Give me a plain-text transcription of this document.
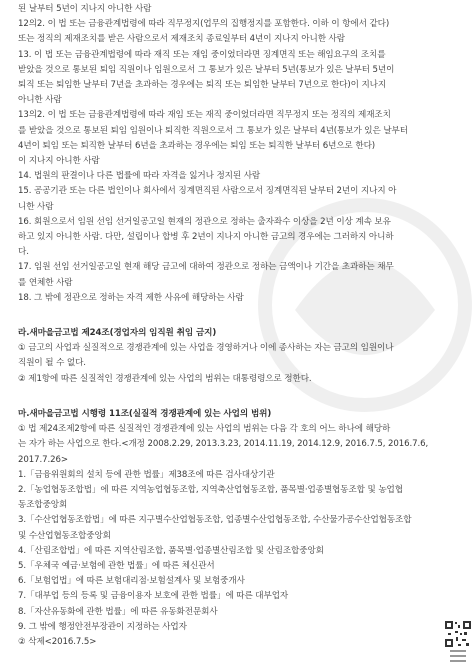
된 날부터 5년이 지나지 아니한 사람

12의2. 이 법 또는 금융관계법령에 따라 직무정지(업무의 집행정지를 포함한다. 이하 이 항에서 같다)

또는 정직의 제재조치를 받은 사람으로서 제재조치 종료일부터 4년이 지나지 아니한 사람

13. 이 법 또는 금융관계법령에 따라 재직 또는 재임 중이었더라면 징계면직 또는 해임요구의 조치를

받았을 것으로 통보된 퇴임 직원이나 임원으로서 그 통보가 있은 날부터 5년(통보가 있은 날부터 5년이

퇴직 또는 퇴임한 날부터 7년을 초과하는 경우에는 퇴직 또는 퇴임한 날부터 7년으로 한다)이 지나지

아니한 사람

13의2. 이 법 또는 금융관계법령에 따라 재임 또는 재직 중이었더라면 직무정지 또는 정직의 제재조치

를 받았을 것으로 통보된 퇴임 임원이나 퇴직한 직원으로서 그 통보가 있은 날부터 4년(통보가 있은 날부터

4년이 퇴임 또는 퇴직한 날부터 6년을 초과하는 경우에는 퇴임 또는 퇴직한 날부터 6년으로 한다)

이 지나지 아니한 사람

14. 법원의 판결이나 다른 법률에 따라 자격을 잃거나 정지된 사람

15. 공공기관 또는 다른 법인이나 회사에서 징계면직된 사람으로서 징계면직된 날부터 2년이 지나지 아

니한 사람

16. 회원으로서 임원 선임 선거일공고일 현재의 정관으로 정하는 출자좌수 이상을 2년 이상 계속 보유

하고 있지 아니한 사람. 다만, 설립이나 합병 후 2년이 지나지 아니한 금고의 경우에는 그러하지 아니하

다.

17. 임원 선임 선거일공고일 현재 해당 금고에 대하여 정관으로 정하는 금액이나 기간을 초과하는 채무

를 연체한 사람

18. 그 밖에 정관으로 정하는 자격 제한 사유에 해당하는 사람

라.새마을금고법 제24조(경업자의 임직원 취임 금지)

① 금고의 사업과 실질적으로 경쟁관계에 있는 사업을 경영하거나 이에 종사하는 자는 금고의 임원이나

직원이 될 수 없다.

② 제1항에 따른 실질적인 경쟁관계에 있는 사업의 범위는 대통령령으로 정한다.

마.새마을금고법 시행령 11조(실질적 경쟁관계에 있는 사업의 범위)

① 법 제24조제2항에 따른 실질적인 경쟁관계에 있는 사업의 범위는 다음 각 호의 어느 하나에 해당하

는 자가 하는 사업으로 한다.<개정 2008.2.29, 2013.3.23, 2014.11.19, 2014.12.9, 2016.7.5, 2016.7.6,

2017.7.26>

1.「금융위원회의 설치 등에 관한 법률」제38조에 따른 검사대상기관

2.「농업협동조합법」에 따른 지역농업협동조합, 지역축산업협동조합, 품목별·업종별협동조합 및 농업협

동조합중앙회

3.「수산업협동조합법」에 따른 지구별수산업협동조합, 업종별수산업협동조합, 수산물가공수산업협동조합

및 수산업협동조합중앙회

4.「산림조합법」에 따른 지역산림조합, 품목별·업종별산림조합 및 산림조합중앙회

5.「우체국 예금·보험에 관한 법률」에 따른 체신관서

6.「보험업법」에 따른 보험대리점·보험설계사 및 보험중개사

7.「대부업 등의 등록 및 금융이용자 보호에 관한 법률」에 따른 대부업자

8.「자산유동화에 관한 법률」에 따른 유동화전문회사

9. 그 밖에 행정안전부장관이 지정하는 사업자

② 삭제<2016.7.5>
